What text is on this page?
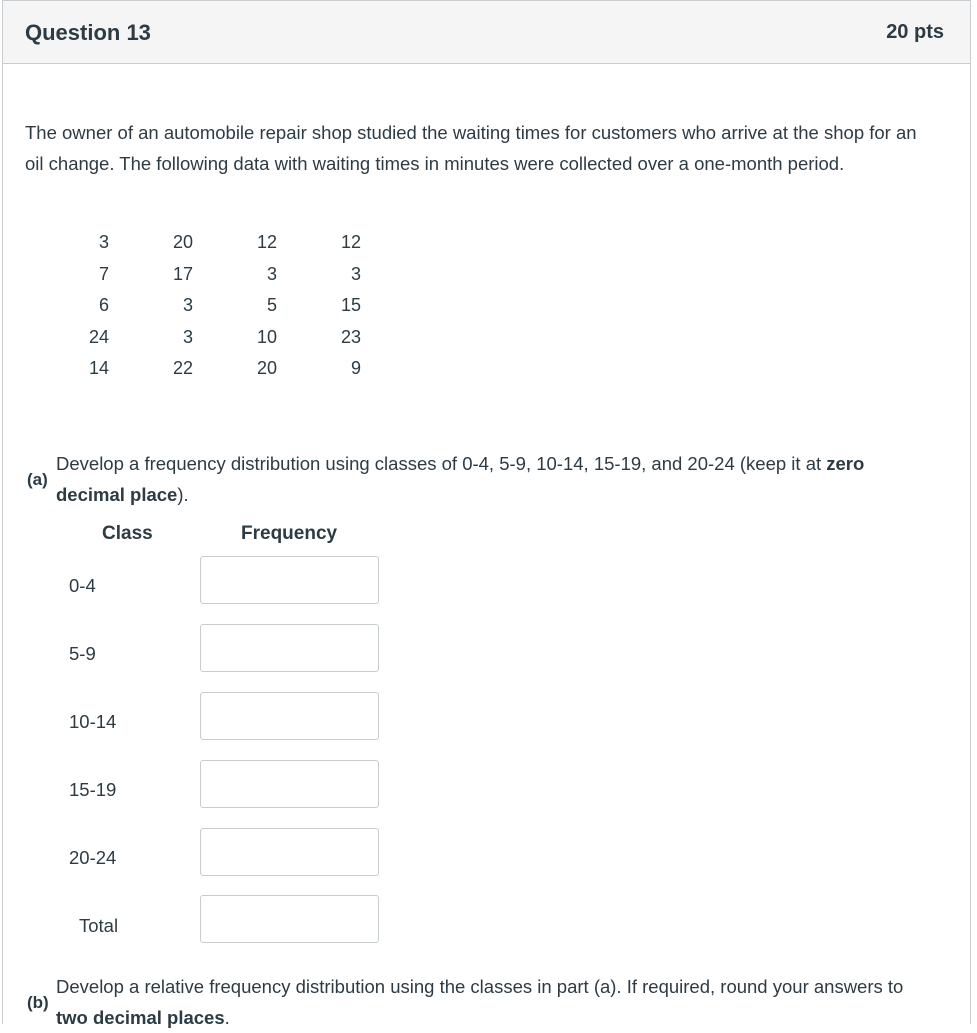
Question 13	20 pts
The owner of an automobile repair shop studied the waiting times for customers who arrive at the shop for an oil change. The following data with waiting times in minutes were collected over a one-month period.
3	20	12	12
7	17	3	3
6	3	5	15
24	3	10	23
14	22	20	9
(a)
Develop a frequency distribution using classes of 0-4, 5-9, 10-14, 15-19, and 20-24 (keep it at zero decimal place).
Class	Frequency
0-4
5-9
10-14
15-19
20-24
Total
(b)
Develop a relative frequency distribution using the classes in part (a). If required, round your answers to two decimal places.
